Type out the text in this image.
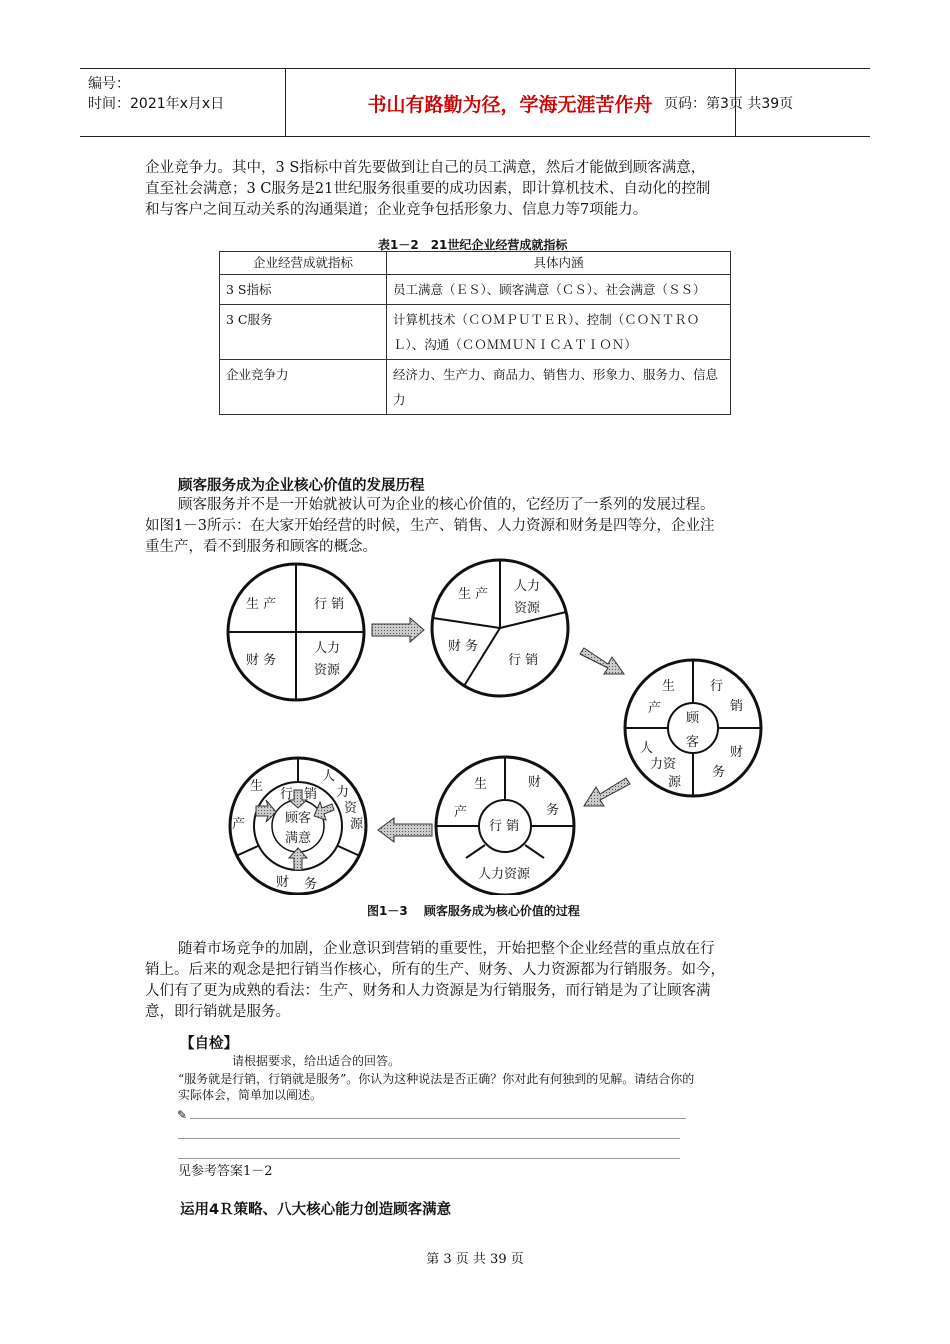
编号：
时间：2021年x月x日	书山有路勤为径，学海无涯苦作舟 页码：第3页 共39页

企业竞争力。其中，3 S指标中首先要做到让自己的员工满意，然后才能做到顾客满意，

直至社会满意；3 C服务是21世纪服务很重要的成功因素，即计算机技术、自动化的控制

和与客户之间互动关系的沟通渠道；企业竞争包括形象力、信息力等7项能力。

表1－2　21世纪企业经营成就指标
企业经营成就指标	具体内涵
3 S指标	员工满意（ＥＳ）、顾客满意（ＣＳ）、社会满意（ＳＳ）
3 C服务	计算机技术（ＣＯＭＰＵＴＥＲ）、控制（ＣＯＮＴＲＯＬ）、沟通（ＣＯＭＭＵＮＩＣＡＴＩＯＮ）
企业竞争力	经济力、生产力、商品力、销售力、形象力、服务力、信息力
顾客服务成为企业核心价值的发展历程

顾客服务并不是一开始就被认可为企业的核心价值的，它经历了一系列的发展过程。

如图1－3所示：在大家开始经营的时候，生产、销售、人力资源和财务是四等分，企业注

重生产，看不到服务和顾客的概念。

生 产	行 销
财 务
人力
资源
生 产
人力
资源
财 务
行 销
生
产
行
销
顾
客
人
力资
源
财
务
生
产
财
务
行 销
人力资源
生
产
人
力
资
源
行 销
顾客
满意
财 务
图1－3　 顾客服务成为核心价值的过程

随着市场竞争的加剧，企业意识到营销的重要性，开始把整个企业经营的重点放在行

销上。后来的观念是把行销当作核心，所有的生产、财务、人力资源都为行销服务。如今，

人们有了更为成熟的看法：生产、财务和人力资源是为行销服务，而行销是为了让顾客满

意，即行销就是服务。

【自检】
请根据要求，给出适合的回答。
“服务就是行销，行销就是服务”。你认为这种说法是否正确？你对此有何独到的见解。请结合你的
实际体会，简单加以阐述。
✎
见参考答案1－2
运用4Ｒ策略、八大核心能力创造顾客满意
第 3 页 共 39 页
